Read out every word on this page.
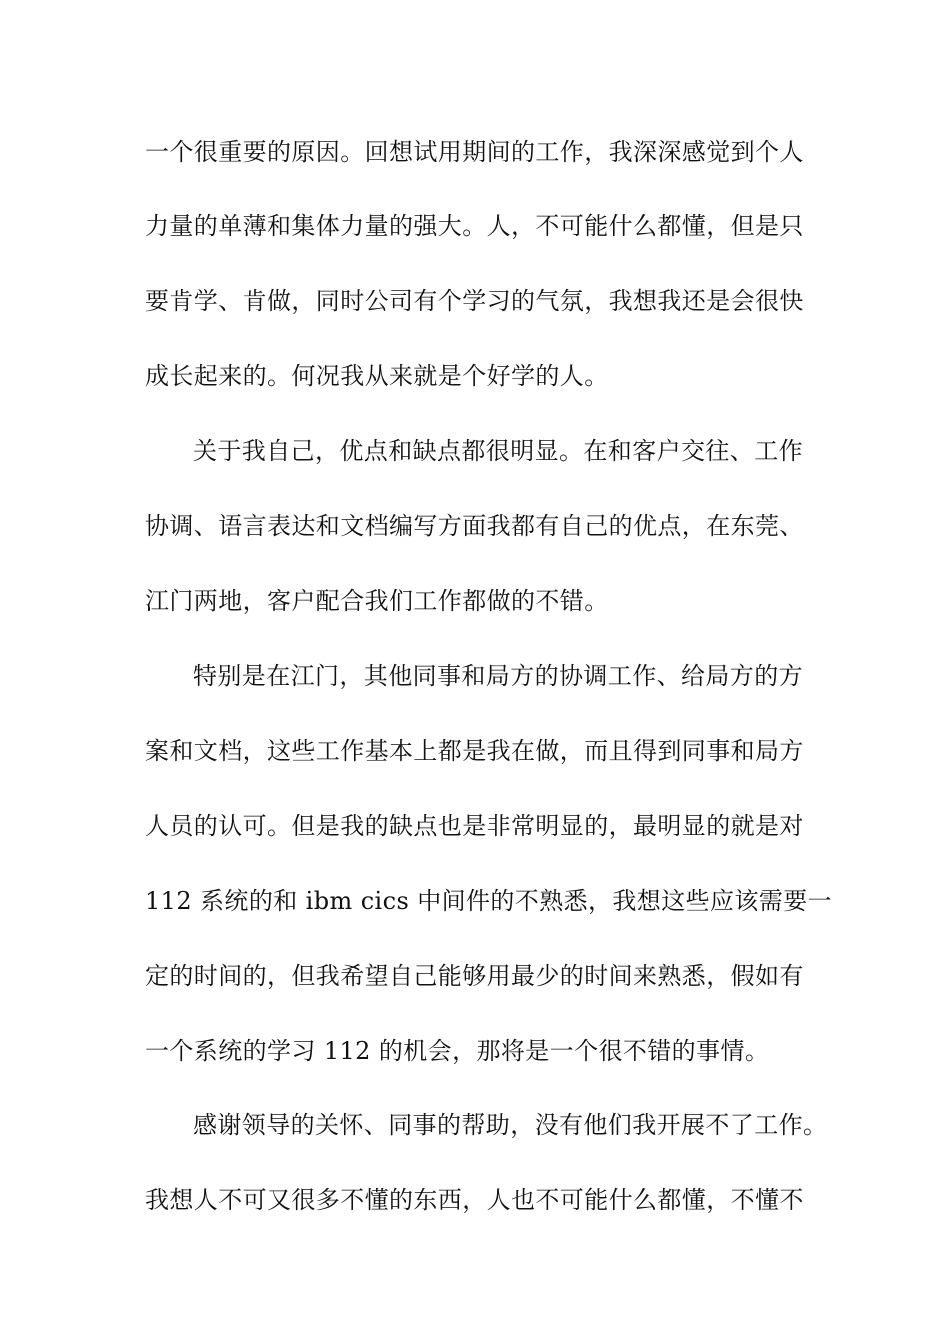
一个很重要的原因。回想试用期间的工作，我深深感觉到个人
力量的单薄和集体力量的强大。人，不可能什么都懂，但是只
要肯学、肯做，同时公司有个学习的气氛，我想我还是会很快
成长起来的。何况我从来就是个好学的人。
关于我自己，优点和缺点都很明显。在和客户交往、工作
协调、语言表达和文档编写方面我都有自己的优点，在东莞、
江门两地，客户配合我们工作都做的不错。
特别是在江门，其他同事和局方的协调工作、给局方的方
案和文档，这些工作基本上都是我在做，而且得到同事和局方
人员的认可。但是我的缺点也是非常明显的，最明显的就是对
112 系统的和 ibm cics 中间件的不熟悉，我想这些应该需要一
定的时间的，但我希望自己能够用最少的时间来熟悉，假如有
一个系统的学习 112 的机会，那将是一个很不错的事情。
感谢领导的关怀、同事的帮助，没有他们我开展不了工作。
我想人不可又很多不懂的东西，人也不可能什么都懂，不懂不
